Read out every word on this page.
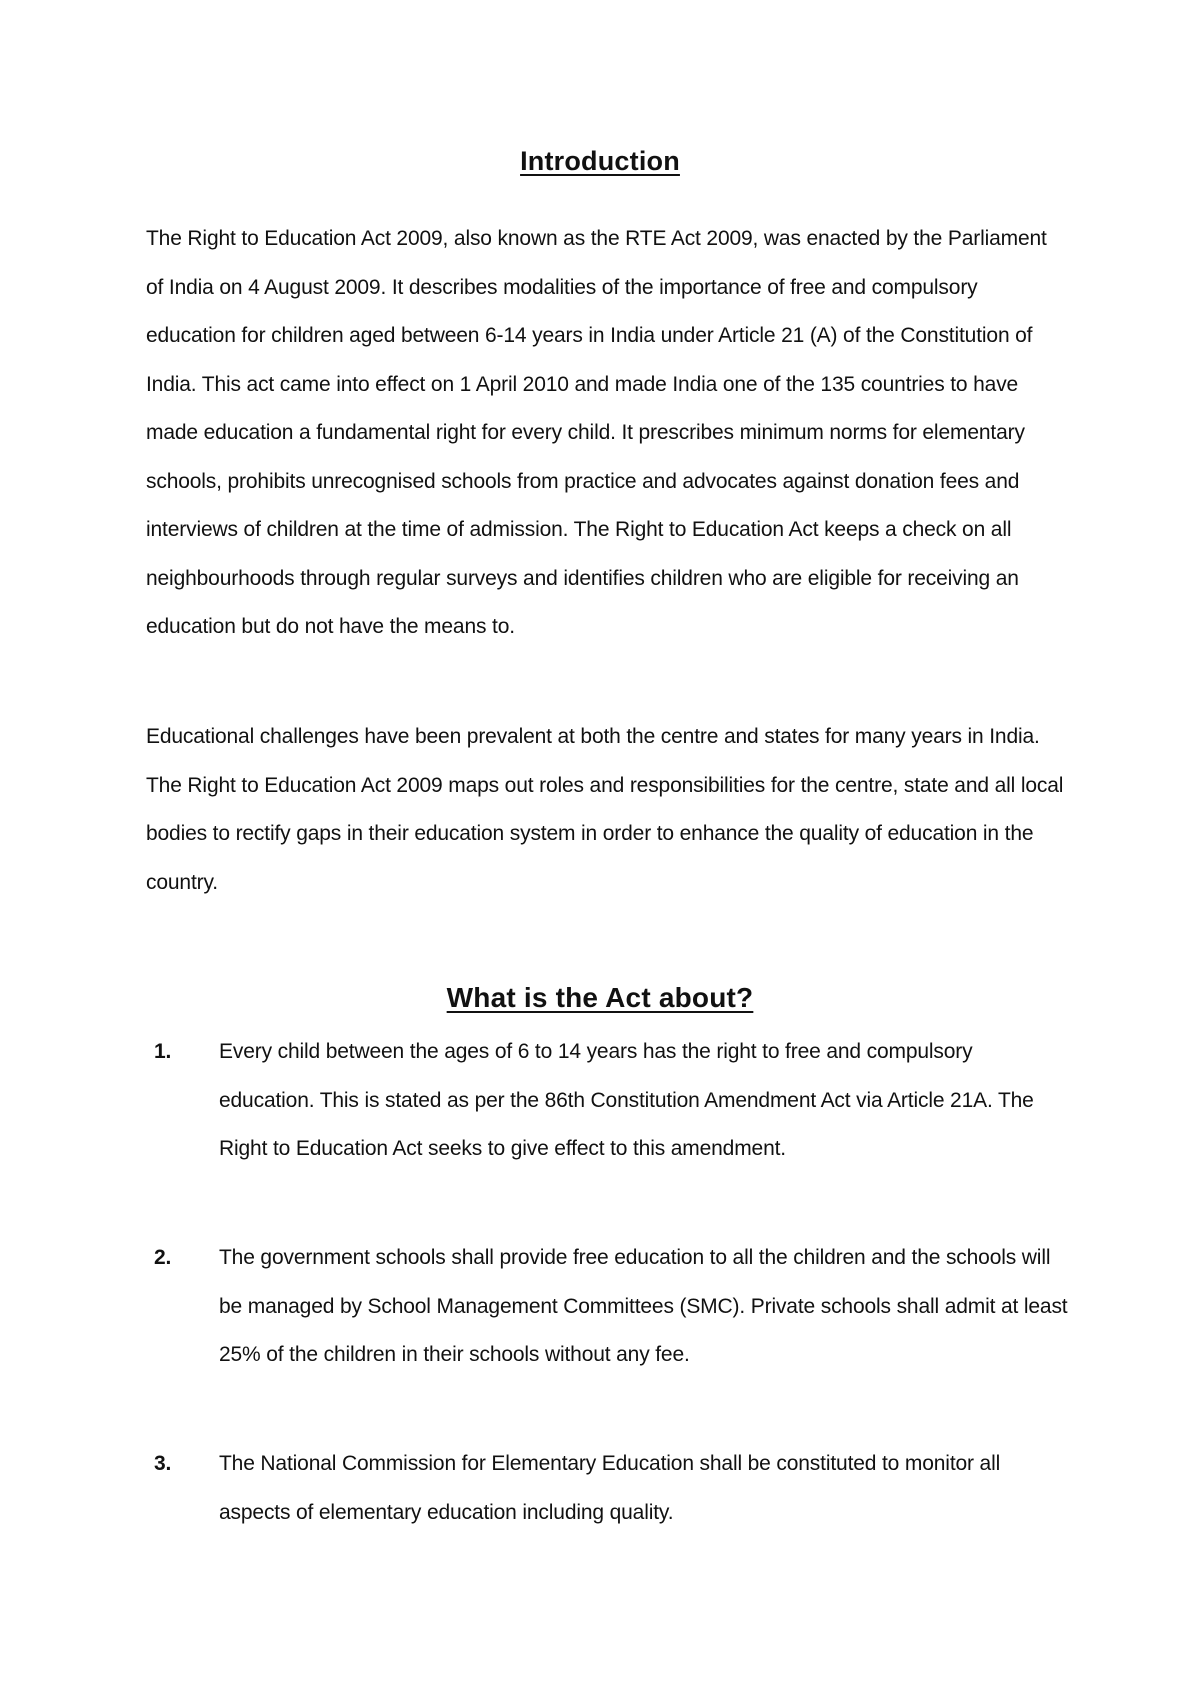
Introduction

The Right to Education Act 2009, also known as the RTE Act 2009, was enacted by the Parliament of India on 4 August 2009. It describes modalities of the importance of free and compulsory education for children aged between 6-14 years in India under Article 21 (A) of the Constitution of India. This act came into effect on 1 April 2010 and made India one of the 135 countries to have made education a fundamental right for every child. It prescribes minimum norms for elementary schools, prohibits unrecognised schools from practice and advocates against donation fees and interviews of children at the time of admission. The Right to Education Act keeps a check on all neighbourhoods through regular surveys and identifies children who are eligible for receiving an education but do not have the means to.

Educational challenges have been prevalent at both the centre and states for many years in India. The Right to Education Act 2009 maps out roles and responsibilities for the centre, state and all local bodies to rectify gaps in their education system in order to enhance the quality of education in the country.

What is the Act about?
1. Every child between the ages of 6 to 14 years has the right to free and compulsory education. This is stated as per the 86th Constitution Amendment Act via Article 21A. The Right to Education Act seeks to give effect to this amendment.
2. The government schools shall provide free education to all the children and the schools will be managed by School Management Committees (SMC). Private schools shall admit at least 25% of the children in their schools without any fee.
3. The National Commission for Elementary Education shall be constituted to monitor all aspects of elementary education including quality.
